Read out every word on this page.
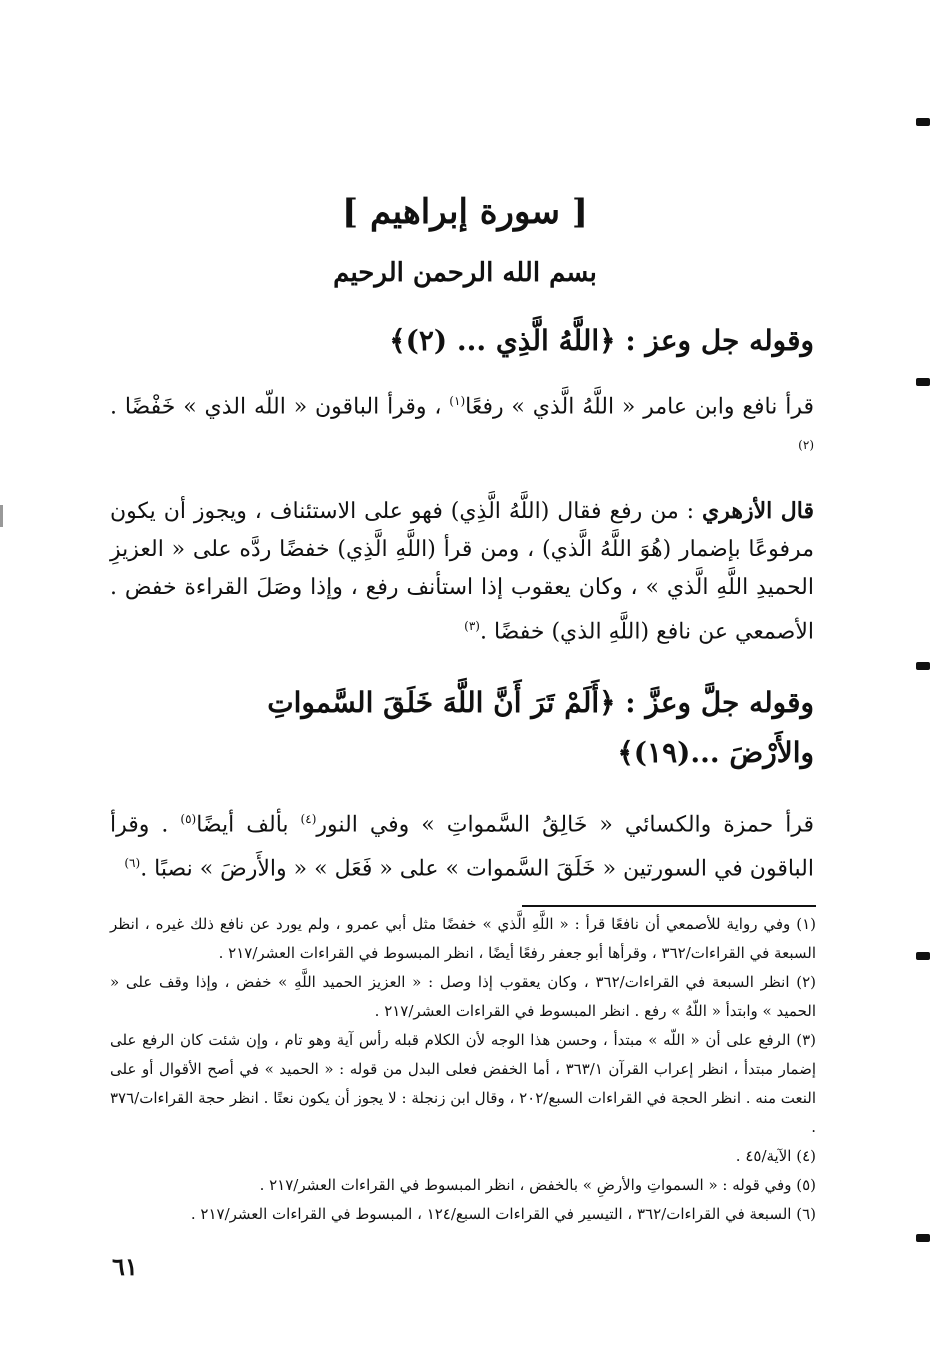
[ سورة إبراهيم ]
بسم الله الرحمن الرحيم
وقوله جل وعز : ﴿اللَّهُ الَّذِي ... (٢)﴾
قرأ نافع وابن عامر « اللَّهُ الَّذي » رفعًا$^{(١)}$ ، وقرأ الباقون « اللّه الذي » خَفْضًا .$^{(٢)}$
قال الأزهري : من رفع فقال (اللَّهُ الَّذِي) فهو على الاستئناف ، ويجوز أن يكون مرفوعًا بإضمار (هُوَ اللَّهُ الَّذي) ، ومن قرأ (اللَّهِ الَّذِي) خفضًا ردَّه على « العزيزِ الحميدِ اللَّهِ الَّذي » ، وكان يعقوب إذا استأنف رفع ، وإذا وصَلَ القراءة خفض . الأصمعي عن نافع (اللَّهِ الذي) خفضًا .$^{(٣)}$
وقوله جلَّ وعزَّ : ﴿أَلَمْ تَرَ أَنَّ اللَّهَ خَلَقَ السَّمواتِ
والأَرْضَ ...(١٩)﴾
قرأ حمزة والكسائي « خَالِقُ السَّمواتِ » وفي النور$^{(٤)}$ بألف أيضًا$^{(٥)}$ . وقرأ الباقون في السورتين « خَلَقَ السَّموات » على « فَعَل » « والأَرضَ » نصبًا .$^{(٦)}$

(١) وفي رواية للأصمعي أن نافعًا قرأ : « اللَّهِ الَّذي » خفضًا مثل أبي عمرو ، ولم يورد عن نافع ذلك غيره ، انظر السبعة في القراءات/٣٦٢ ، وقرأها أبو جعفر رفعًا أيضًا ، انظر المبسوط في القراءات العشر/٢١٧ .

(٢) انظر السبعة في القراءات/٣٦٢ ، وكان يعقوب إذا وصل : « العزيز الحميد اللَّهِ » خفض ، وإذا وقف على « الحميد » وابتدأ « اللّهُ » رفع . انظر المبسوط في القراءات العشر/٢١٧ .

(٣) الرفع على أن « اللّه » مبتدأ ، وحسن هذا الوجه لأن الكلام قبله رأس آية وهو تام ، وإن شئت كان الرفع على إضمار مبتدأ ، انظر إعراب القرآن ٣٦٣/١ ، أما الخفض فعلى البدل من قوله : « الحميد » في أصح الأقوال أو على النعت منه . انظر الحجة في القراءات السبع/٢٠٢ ، وقال ابن زنجلة : لا يجوز أن يكون نعتًا . انظر حجة القراءات/٣٧٦ .

(٤) الآية/٤٥ .

(٥) وفي قوله : « السمواتِ والأرضِ » بالخفض ، انظر المبسوط في القراءات العشر/٢١٧ .

(٦) السبعة في القراءات/٣٦٢ ، التيسير في القراءات السبع/١٢٤ ، المبسوط في القراءات العشر/٢١٧ .

٦١
